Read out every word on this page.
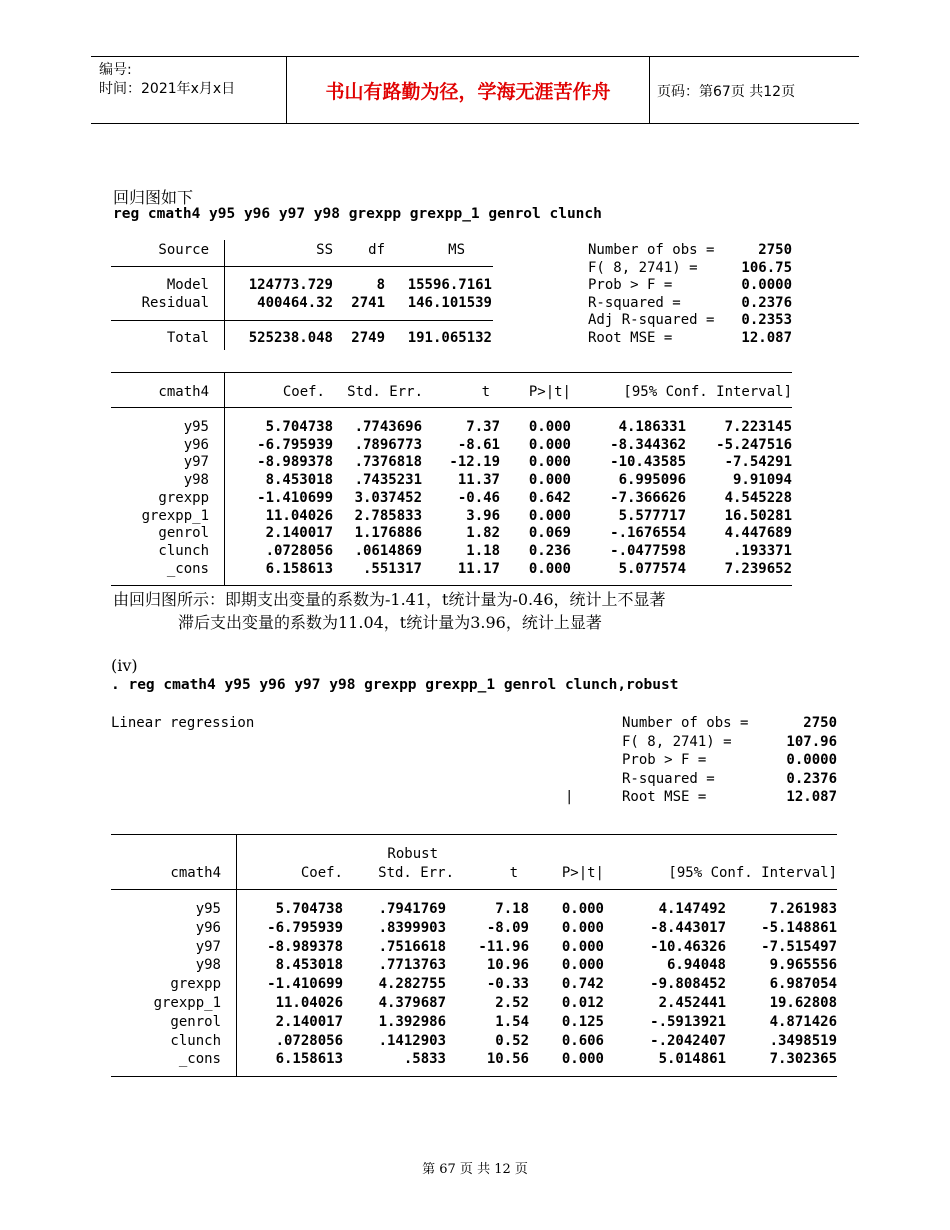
编号:
时间：2021年x月x日	书山有路勤为径，学海无涯苦作舟	页码：第67页 共12页
回归图如下
reg cmath4 y95 y96 y97 y98 grexpp grexpp_1 genrol clunch
Source	SS	df	MS
Model	124773.729	8	15596.7161
Residual	400464.32	2741	146.101539
Total	525238.048	2749	191.065132
Number of obs =	2750
F( 8, 2741) =	106.75
Prob > F =	0.0000
R-squared =	0.2376
Adj R-squared =	0.2353
Root MSE =	12.087
cmath4	Coef.	Std. Err.	t	P>|t|	[95% Conf. Interval]
y95	5.704738	.7743696	7.37	0.000	4.186331	7.223145
y96	-6.795939	.7896773	-8.61	0.000	-8.344362	-5.247516
y97	-8.989378	.7376818	-12.19	0.000	-10.43585	-7.54291
y98	8.453018	.7435231	11.37	0.000	6.995096	9.91094
grexpp	-1.410699	3.037452	-0.46	0.642	-7.366626	4.545228
grexpp_1	11.04026	2.785833	3.96	0.000	5.577717	16.50281
genrol	2.140017	1.176886	1.82	0.069	-.1676554	4.447689
clunch	.0728056	.0614869	1.18	0.236	-.0477598	.193371
_cons	6.158613	.551317	11.17	0.000	5.077574	7.239652
由回归图所示：即期支出变量的系数为-1.41，t统计量为-0.46，统计上不显著
滞后支出变量的系数为11.04，t统计量为3.96，统计上显著
(iv)
. reg cmath4 y95 y96 y97 y98 grexpp grexpp_1 genrol clunch,robust
Linear regression	Number of obs =	2750
F( 8, 2741) =	107.96
Prob > F =	0.0000
R-squared =	0.2376
Root MSE =	12.087
|
Robust
cmath4	Coef.	Std. Err.	t	P>|t|	[95% Conf. Interval]
y95	5.704738	.7941769	7.18	0.000	4.147492	7.261983
y96	-6.795939	.8399903	-8.09	0.000	-8.443017	-5.148861
y97	-8.989378	.7516618	-11.96	0.000	-10.46326	-7.515497
y98	8.453018	.7713763	10.96	0.000	6.94048	9.965556
grexpp	-1.410699	4.282755	-0.33	0.742	-9.808452	6.987054
grexpp_1	11.04026	4.379687	2.52	0.012	2.452441	19.62808
genrol	2.140017	1.392986	1.54	0.125	-.5913921	4.871426
clunch	.0728056	.1412903	0.52	0.606	-.2042407	.3498519
_cons	6.158613	.5833	10.56	0.000	5.014861	7.302365
第 67 页 共 12 页
